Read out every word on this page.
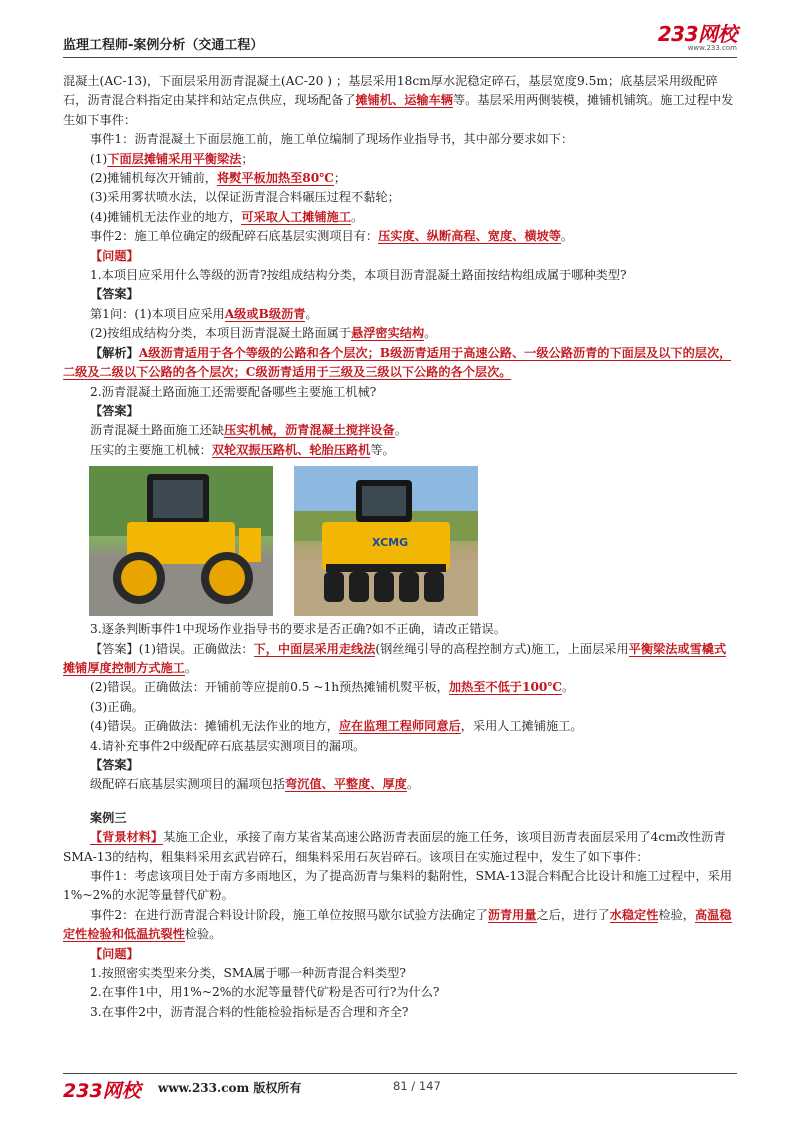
监理工程师-案例分析（交通工程）	233网校
www.233.com

混凝土(AC-13)，下面层采用沥青混凝土(AC-20 ) ；基层采用18cm厚水泥稳定碎石，基层宽度9.5m；底基层采用级配碎石，沥青混合料指定由某拌和站定点供应，现场配备了摊铺机、运输车辆等。基层采用两侧装模，摊铺机铺筑。施工过程中发生如下事件：

事件1：沥青混凝土下面层施工前，施工单位编制了现场作业指导书，其中部分要求如下：

(1)下面层摊铺采用平衡梁法；

(2)摊铺机每次开铺前，将熨平板加热至80℃；

(3)采用雾状喷水法，以保证沥青混合料碾压过程不黏轮；

(4)摊铺机无法作业的地方，可采取人工摊铺施工。

事件2：施工单位确定的级配碎石底基层实测项目有：压实度、纵断高程、宽度、横坡等。

【问题】

1.本项目应采用什么等级的沥青?按组成结构分类，本项目沥青混凝土路面按结构组成属于哪种类型?

【答案】

第1问：(1)本项目应采用A级或B级沥青。

(2)按组成结构分类，本项目沥青混凝土路面属于悬浮密实结构。

【解析】A级沥青适用于各个等级的公路和各个层次；B级沥青适用于高速公路、一级公路沥青的下面层及以下的层次，二级及二级以下公路的各个层次；C级沥青适用于三级及三级以下公路的各个层次。

2.沥青混凝土路面施工还需要配备哪些主要施工机械?

【答案】

沥青混凝土路面施工还缺压实机械，沥青混凝土搅拌设备。

压实的主要施工机械：双轮双振压路机、轮胎压路机等。

XCMG

3.逐条判断事件1中现场作业指导书的要求是否正确?如不正确，请改正错误。

【答案】(1)错误。正确做法：下，中面层采用走线法(钢丝绳引导的高程控制方式)施工，上面层采用平衡梁法或雪橇式摊铺厚度控制方式施工。

(2)错误。正确做法：开铺前等应提前0.5 ~1h预热摊铺机熨平板，加热至不低于100℃。

(3)正确。

(4)错误。正确做法：摊铺机无法作业的地方，应在监理工程师同意后，采用人工摊铺施工。

4.请补充事件2中级配碎石底基层实测项目的漏项。

【答案】

级配碎石底基层实测项目的漏项包括弯沉值、平整度、厚度。

案例三

【背景材料】某施工企业，承接了南方某省某高速公路沥青表面层的施工任务，该项目沥青表面层采用了4cm改性沥青SMA-13的结构，粗集料采用玄武岩碎石，细集料采用石灰岩碎石。该项目在实施过程中，发生了如下事件：

事件1：考虑该项目处于南方多雨地区，为了提高沥青与集料的黏附性，SMA-13混合料配合比设计和施工过程中，采用1%~2%的水泥等量替代矿粉。

事件2：在进行沥青混合料设计阶段，施工单位按照马歇尔试验方法确定了沥青用量之后，进行了水稳定性检验，高温稳定性检验和低温抗裂性检验。

【问题】

1.按照密实类型来分类，SMA属于哪一种沥青混合料类型?

2.在事件1中，用1%~2%的水泥等量替代矿粉是否可行?为什么?

3.在事件2中，沥青混合料的性能检验指标是否合理和齐全?

233网校 www.233.com 版权所有	81 / 147
